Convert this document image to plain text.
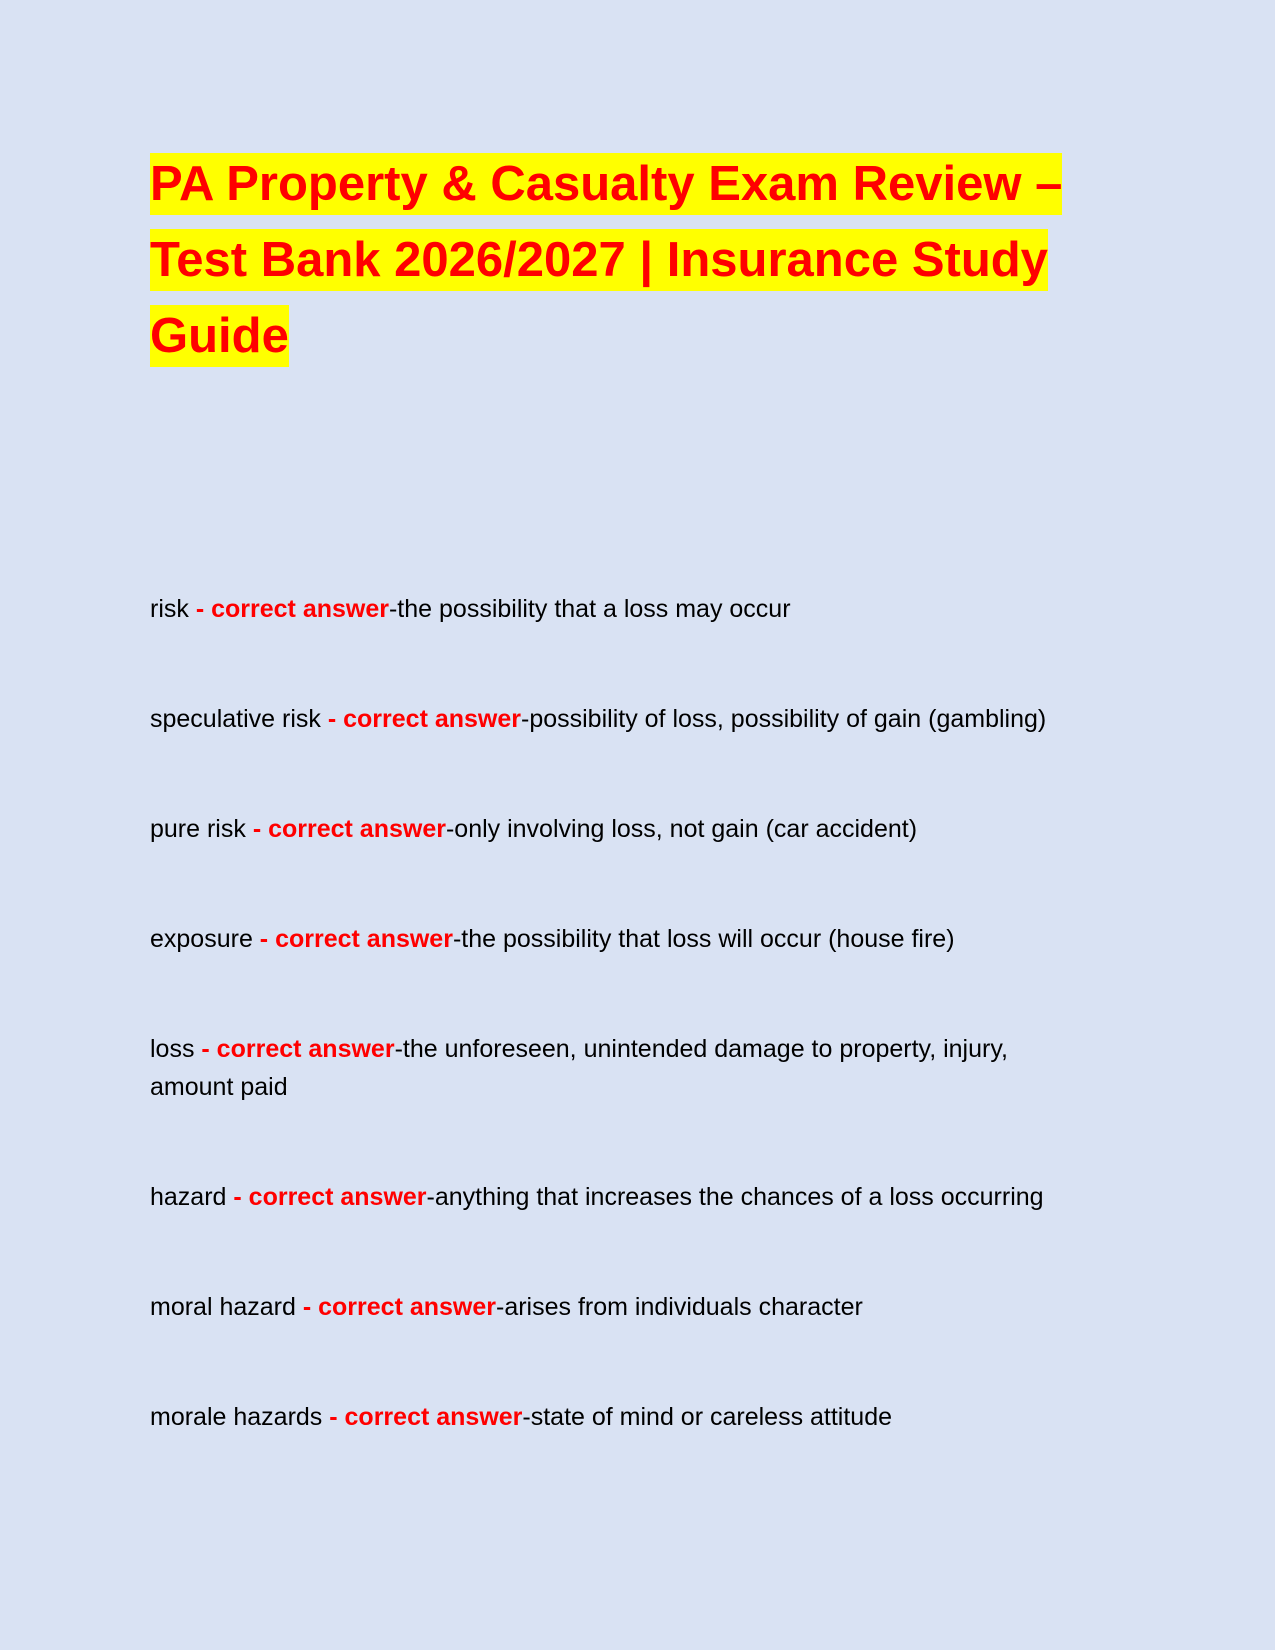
PA Property & Casualty Exam Review – Test Bank 2026/2027 | Insurance Study Guide

risk - correct answer-the possibility that a loss may occur

speculative risk - correct answer-possibility of loss, possibility of gain (gambling)

pure risk - correct answer-only involving loss, not gain (car accident)

exposure - correct answer-the possibility that loss will occur (house fire)

loss - correct answer-the unforeseen, unintended damage to property, injury, amount paid

hazard - correct answer-anything that increases the chances of a loss occurring

moral hazard - correct answer-arises from individuals character

morale hazards - correct answer-state of mind or careless attitude
